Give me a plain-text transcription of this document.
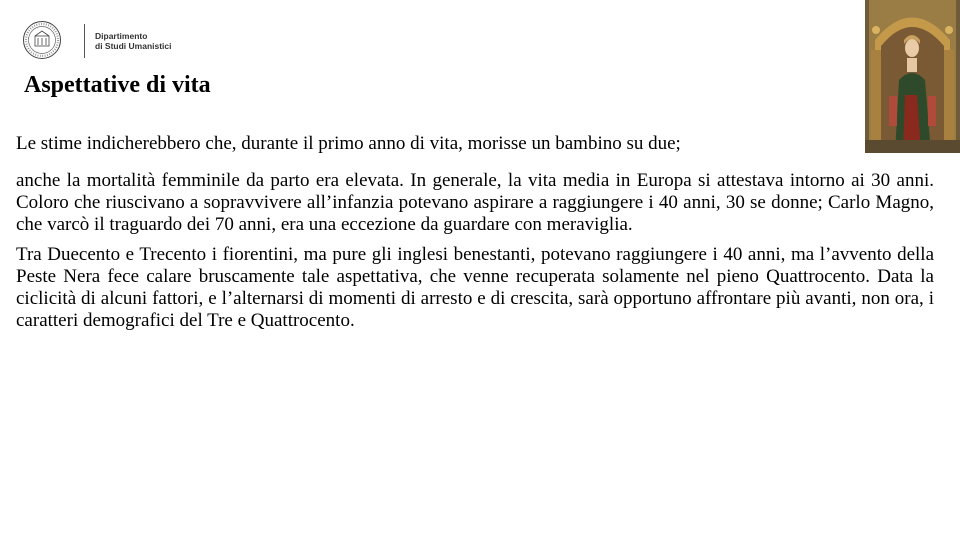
Dipartimento
di Studi Umanistici
Aspettative di vita

Le stime indicherebbero che, durante il primo anno di vita, morisse un bambino su due;

anche la mortalità femminile da parto era elevata. In generale, la vita media in Europa si attestava intorno ai 30 anni. Coloro che riuscivano a sopravvivere all’infanzia potevano aspirare a raggiungere i 40 anni, 30 se donne; Carlo Magno, che varcò il traguardo dei 70 anni, era una eccezione da guardare con meraviglia.

Tra Duecento e Trecento i fiorentini, ma pure gli inglesi benestanti, potevano raggiungere i 40 anni, ma l’avvento della Peste Nera fece calare bruscamente tale aspettativa, che venne recuperata solamente nel pieno Quattrocento. Data la ciclicità di alcuni fattori, e l’alternarsi di momenti di arresto e di crescita, sarà opportuno affrontare più avanti, non ora, i caratteri demografici del Tre e Quattrocento.
